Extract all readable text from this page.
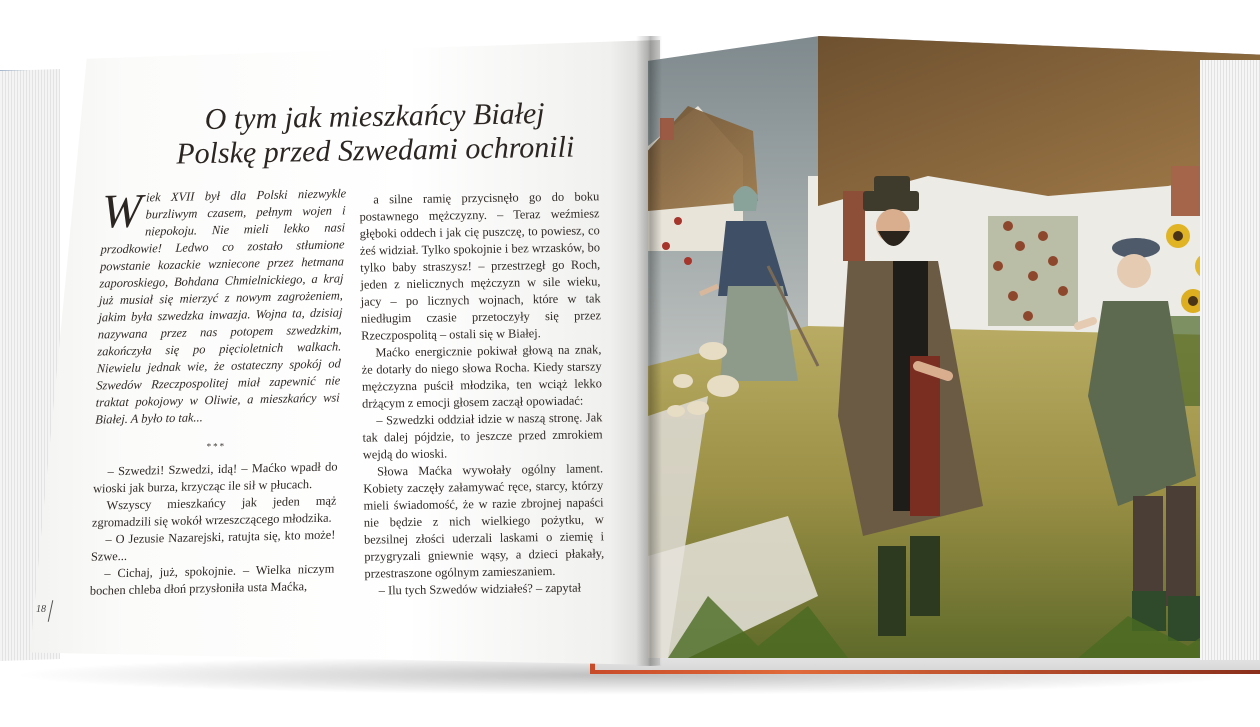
O tym jak mieszkańcy Białej
Polskę przed Szwedami ochronili

Wiek XVII był dla Polski niezwykle burzliwym czasem, pełnym wojen i niepokoju. Nie mieli lekko nasi przodkowie! Ledwo co zostało stłumione powstanie kozackie wzniecone przez hetmana zaporoskiego, Bohdana Chmielnickiego, a kraj już musiał się mierzyć z nowym zagrożeniem, jakim była szwedzka inwazja. Wojna ta, dzisiaj nazywana przez nas potopem szwedzkim, zakończyła się po pięcioletnich walkach. Niewielu jednak wie, że ostateczny spokój od Szwedów Rzeczpospolitej miał zapewnić nie traktat pokojowy w Oliwie, a mieszkańcy wsi Białej. A było to tak...

***

– Szwedzi! Szwedzi, idą! – Maćko wpadł do wioski jak burza, krzycząc ile sił w płucach.

Wszyscy mieszkańcy jak jeden mąż zgromadzili się wokół wrzeszczącego młodzika.

– O Jezusie Nazarejski, ratujta się, kto może! Szwe...

– Cichaj, już, spokojnie. – Wielka niczym bochen chleba dłoń przysłoniła usta Maćka,

a silne ramię przycisnęło go do boku postawnego mężczyzny. – Teraz weźmiesz głęboki oddech i jak cię puszczę, to powiesz, co żeś widział. Tylko spokojnie i bez wrzasków, bo tylko baby straszysz! – przestrzegł go Roch, jeden z nielicznych mężczyzn w sile wieku, jacy – po licznych wojnach, które w tak niedługim czasie przetoczyły się przez Rzeczpospolitą – ostali się w Białej.

Maćko energicznie pokiwał głową na znak, że dotarły do niego słowa Rocha. Kiedy starszy mężczyzna puścił młodzika, ten wciąż lekko drżącym z emocji głosem zaczął opowiadać:

– Szwedzki oddział idzie w naszą stronę. Jak tak dalej pójdzie, to jeszcze przed zmrokiem wejdą do wioski.

Słowa Maćka wywołały ogólny lament. Kobiety zaczęły załamywać ręce, starcy, którzy mieli świadomość, że w razie zbrojnej napaści nie będzie z nich wielkiego pożytku, w bezsilnej złości uderzali laskami o ziemię i przygryzali gniewnie wąsy, a dzieci płakały, przestraszone ogólnym zamieszaniem.

– Ilu tych Szwedów widziałeś? – zapytał

18
